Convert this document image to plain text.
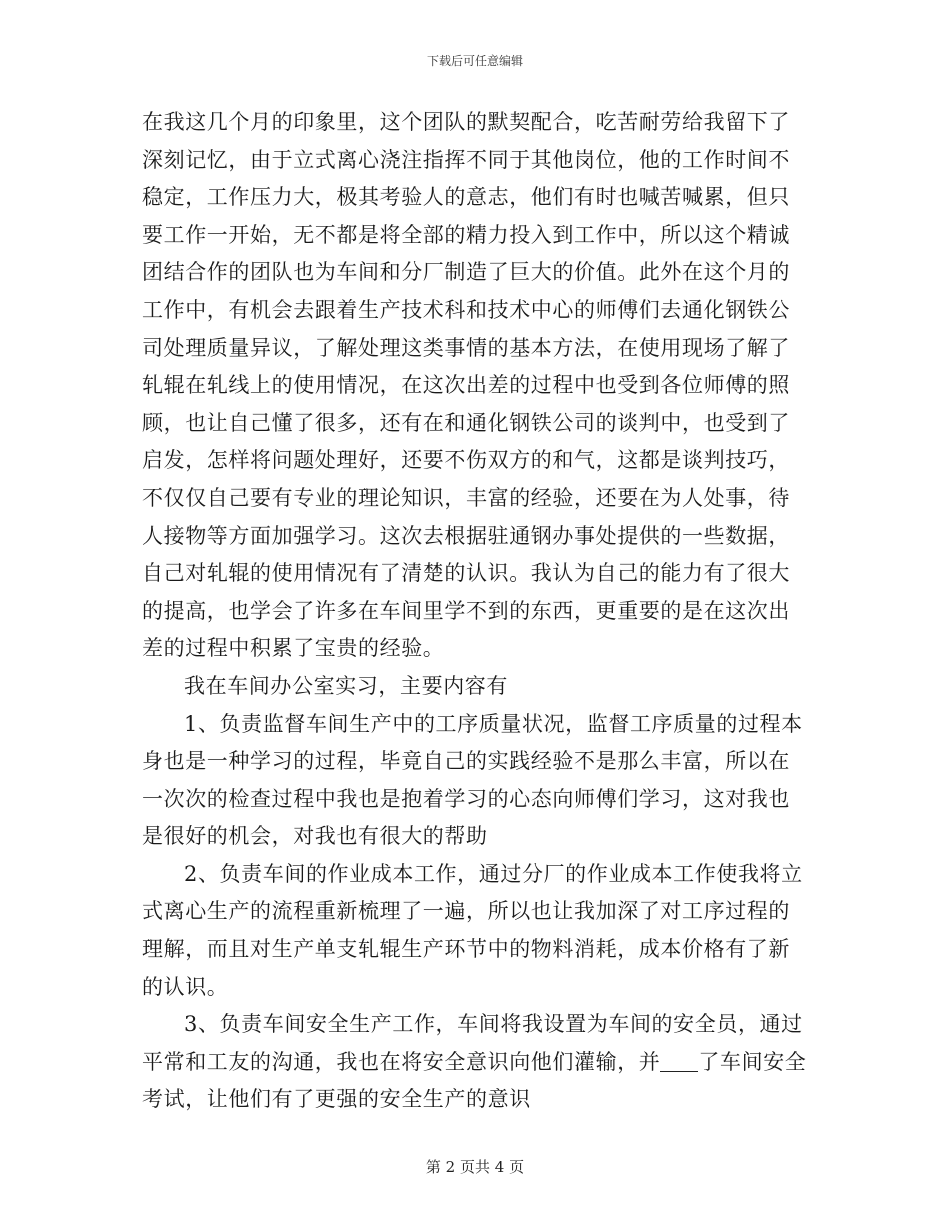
下载后可任意编辑
在我这几个月的印象里，这个团队的默契配合，吃苦耐劳给我留下了
深刻记忆，由于立式离心浇注指挥不同于其他岗位，他的工作时间不
稳定，工作压力大，极其考验人的意志，他们有时也喊苦喊累，但只
要工作一开始，无不都是将全部的精力投入到工作中，所以这个精诚
团结合作的团队也为车间和分厂制造了巨大的价值。此外在这个月的
工作中，有机会去跟着生产技术科和技术中心的师傅们去通化钢铁公
司处理质量异议，了解处理这类事情的基本方法，在使用现场了解了
轧辊在轧线上的使用情况，在这次出差的过程中也受到各位师傅的照
顾，也让自己懂了很多，还有在和通化钢铁公司的谈判中，也受到了
启发，怎样将问题处理好，还要不伤双方的和气，这都是谈判技巧，
不仅仅自己要有专业的理论知识，丰富的经验，还要在为人处事，待
人接物等方面加强学习。这次去根据驻通钢办事处提供的一些数据，
自己对轧辊的使用情况有了清楚的认识。我认为自己的能力有了很大
的提高，也学会了许多在车间里学不到的东西，更重要的是在这次出
差的过程中积累了宝贵的经验。
我在车间办公室实习，主要内容有
1、负责监督车间生产中的工序质量状况，监督工序质量的过程本
身也是一种学习的过程，毕竟自己的实践经验不是那么丰富，所以在
一次次的检查过程中我也是抱着学习的心态向师傅们学习，这对我也
是很好的机会，对我也有很大的帮助
2、负责车间的作业成本工作，通过分厂的作业成本工作使我将立
式离心生产的流程重新梳理了一遍，所以也让我加深了对工序过程的
理解，而且对生产单支轧辊生产环节中的物料消耗，成本价格有了新
的认识。
3、负责车间安全生产工作，车间将我设置为车间的安全员，通过
平常和工友的沟通，我也在将安全意识向他们灌输，并 了车间安全
考试，让他们有了更强的安全生产的意识
第 2 页共 4 页
